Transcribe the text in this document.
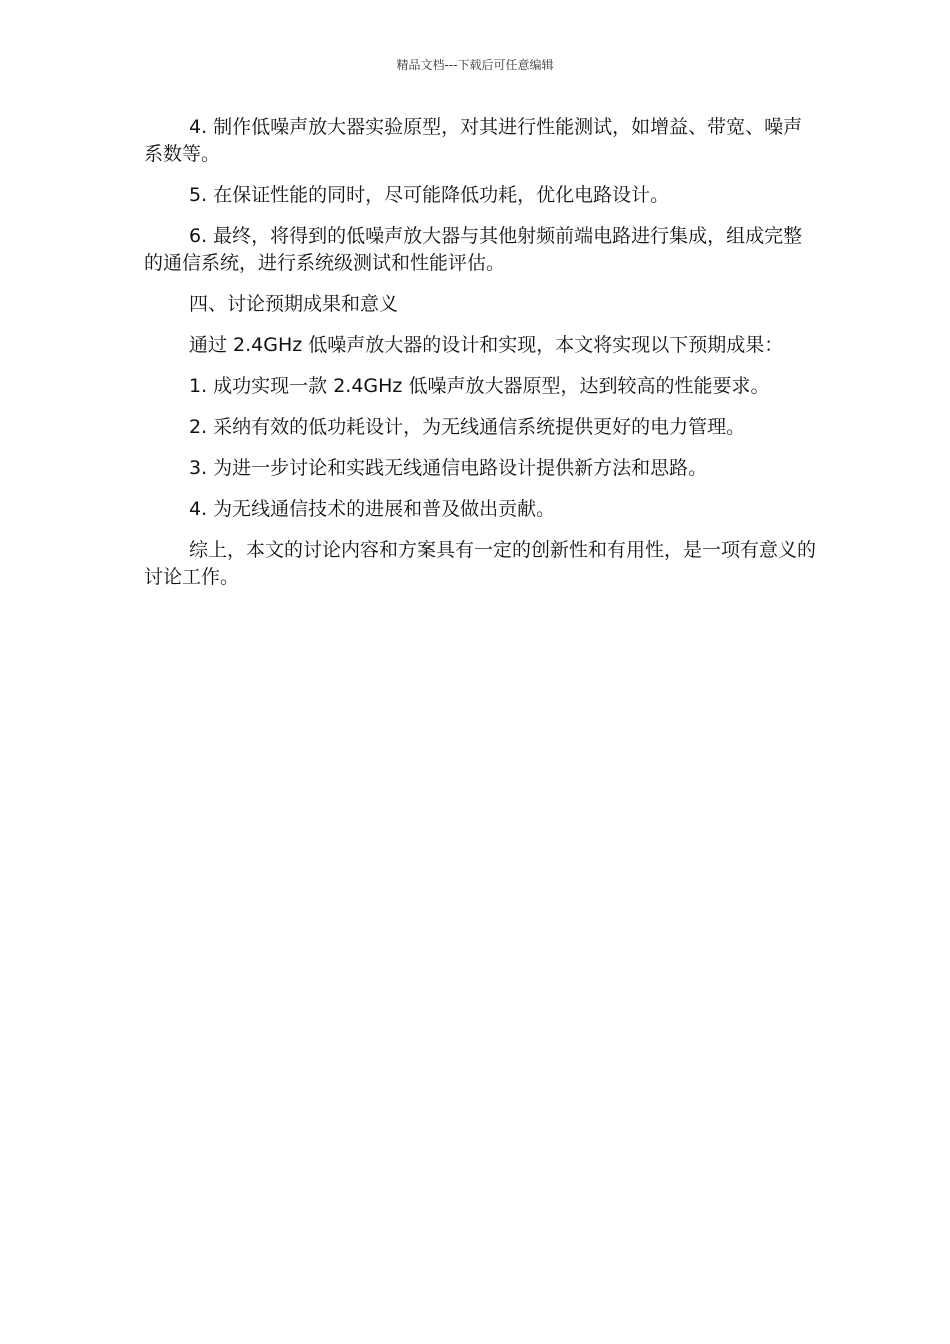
精品文档---下载后可任意编辑

4. 制作低噪声放大器实验原型，对其进行性能测试，如增益、带宽、噪声系数等。

5. 在保证性能的同时，尽可能降低功耗，优化电路设计。

6. 最终，将得到的低噪声放大器与其他射频前端电路进行集成，组成完整的通信系统，进行系统级测试和性能评估。

四、讨论预期成果和意义

通过 2.4GHz 低噪声放大器的设计和实现，本文将实现以下预期成果：

1. 成功实现一款 2.4GHz 低噪声放大器原型，达到较高的性能要求。

2. 采纳有效的低功耗设计，为无线通信系统提供更好的电力管理。

3. 为进一步讨论和实践无线通信电路设计提供新方法和思路。

4. 为无线通信技术的进展和普及做出贡献。

综上，本文的讨论内容和方案具有一定的创新性和有用性，是一项有意义的讨论工作。
